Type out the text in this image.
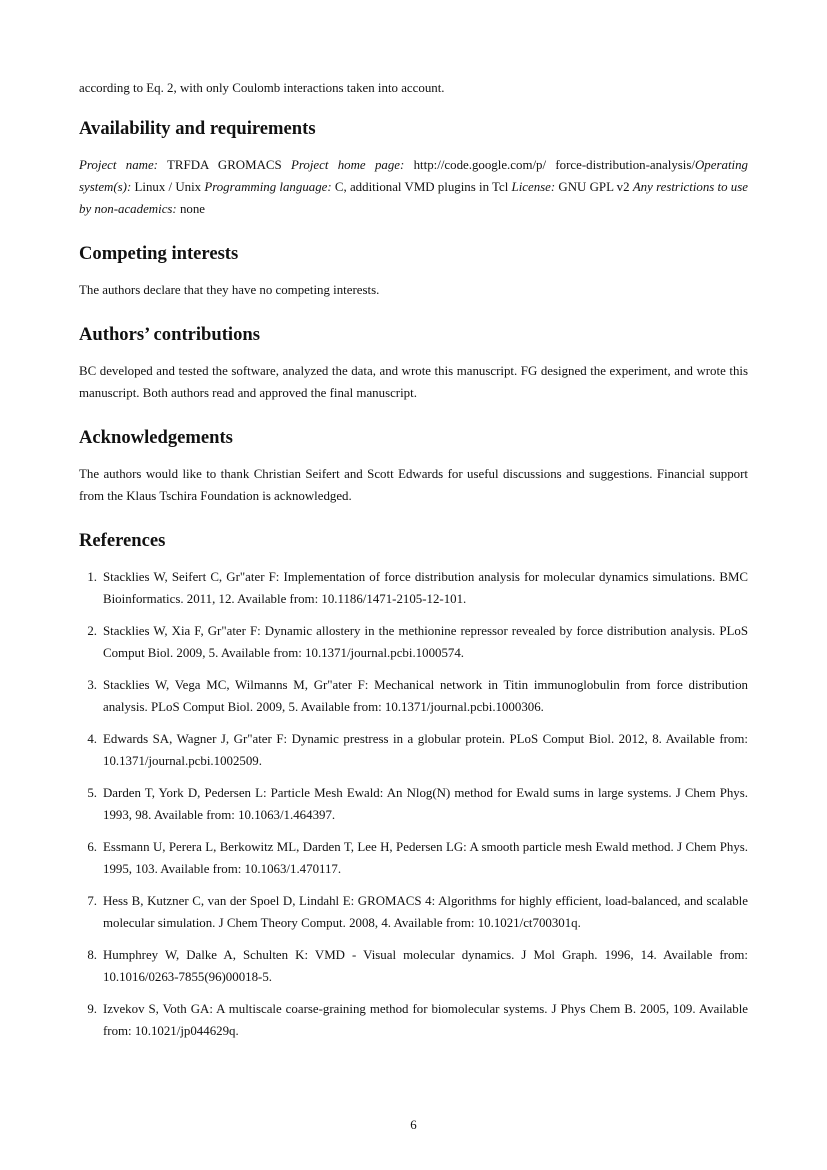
according to Eq. 2, with only Coulomb interactions taken into account.

Availability and requirements

Project name: TRFDA GROMACS Project home page: http://code.google.com/p/ force-distribution-analysis/Operating system(s): Linux / Unix Programming language: C, additional VMD plugins in Tcl License: GNU GPL v2 Any restrictions to use by non-academics: none

Competing interests

The authors declare that they have no competing interests.

Authors’ contributions

BC developed and tested the software, analyzed the data, and wrote this manuscript. FG designed the experiment, and wrote this manuscript. Both authors read and approved the final manuscript.

Acknowledgements

The authors would like to thank Christian Seifert and Scott Edwards for useful discussions and suggestions. Financial support from the Klaus Tschira Foundation is acknowledged.

References
1. Stacklies W, Seifert C, Gr"ater F: Implementation of force distribution analysis for molecular dynamics simulations. BMC Bioinformatics. 2011, 12. Available from: 10.1186/1471-2105-12-101.
2. Stacklies W, Xia F, Gr"ater F: Dynamic allostery in the methionine repressor revealed by force distribution analysis. PLoS Comput Biol. 2009, 5. Available from: 10.1371/journal.pcbi.1000574.
3. Stacklies W, Vega MC, Wilmanns M, Gr"ater F: Mechanical network in Titin immunoglobulin from force distribution analysis. PLoS Comput Biol. 2009, 5. Available from: 10.1371/journal.pcbi.1000306.
4. Edwards SA, Wagner J, Gr"ater F: Dynamic prestress in a globular protein. PLoS Comput Biol. 2012, 8. Available from: 10.1371/journal.pcbi.1002509.
5. Darden T, York D, Pedersen L: Particle Mesh Ewald: An Nlog(N) method for Ewald sums in large systems. J Chem Phys. 1993, 98. Available from: 10.1063/1.464397.
6. Essmann U, Perera L, Berkowitz ML, Darden T, Lee H, Pedersen LG: A smooth particle mesh Ewald method. J Chem Phys. 1995, 103. Available from: 10.1063/1.470117.
7. Hess B, Kutzner C, van der Spoel D, Lindahl E: GROMACS 4: Algorithms for highly efficient, load-balanced, and scalable molecular simulation. J Chem Theory Comput. 2008, 4. Available from: 10.1021/ct700301q.
8. Humphrey W, Dalke A, Schulten K: VMD - Visual molecular dynamics. J Mol Graph. 1996, 14. Available from: 10.1016/0263-7855(96)00018-5.
9. Izvekov S, Voth GA: A multiscale coarse-graining method for biomolecular systems. J Phys Chem B. 2005, 109. Available from: 10.1021/jp044629q.
6
